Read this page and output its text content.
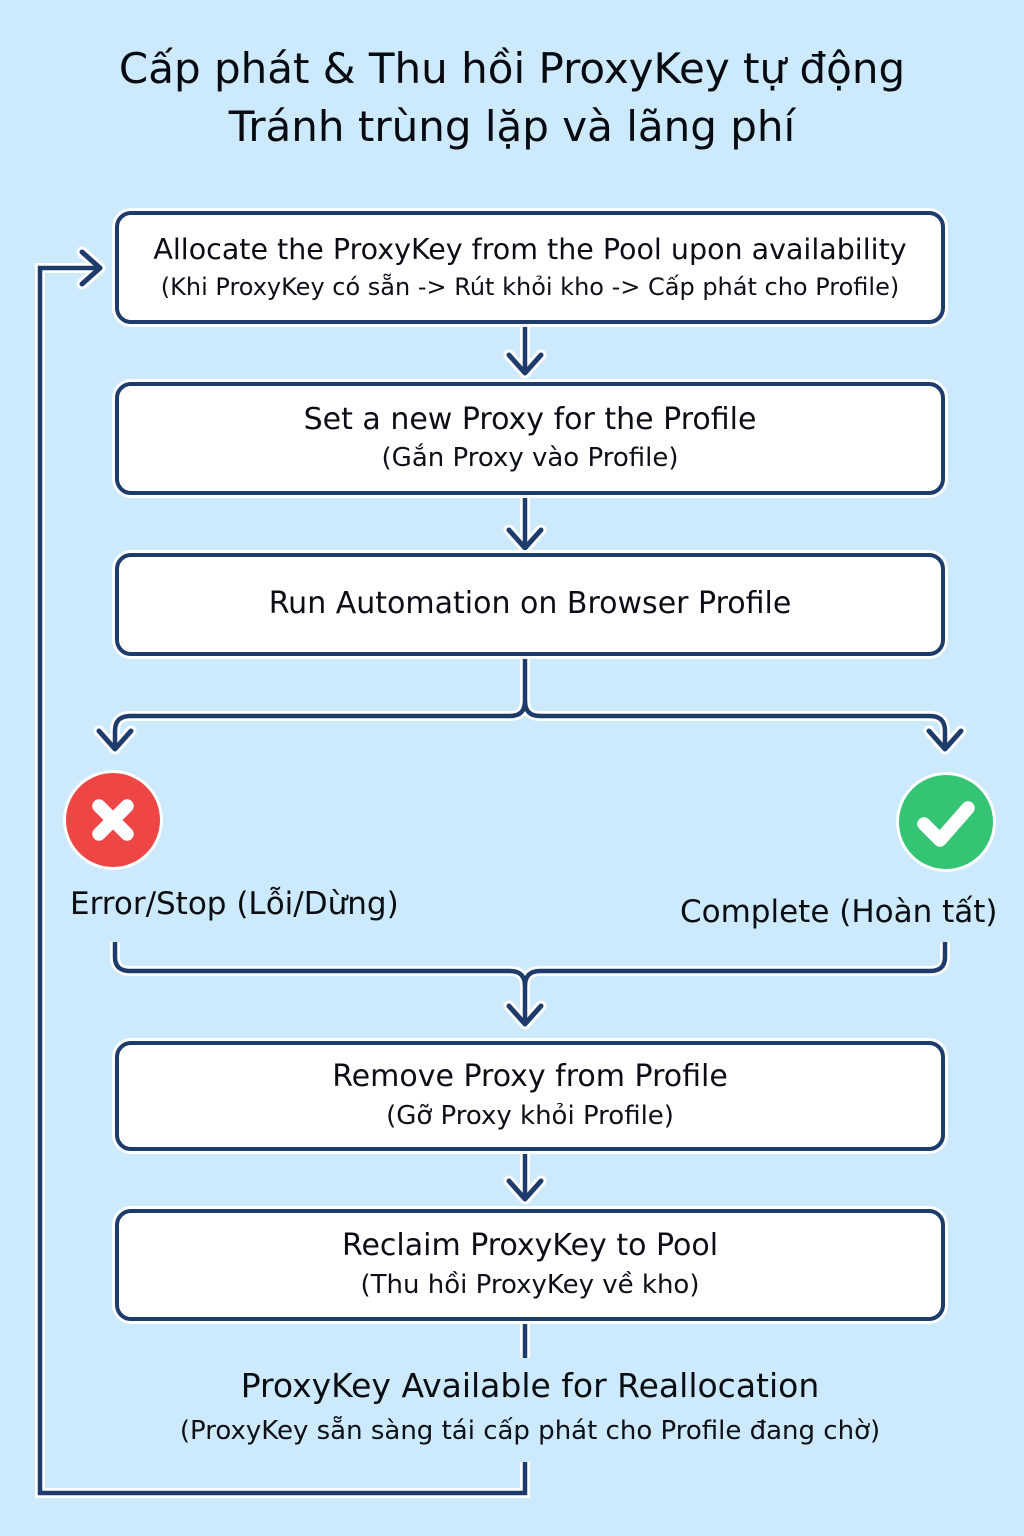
Cấp phát & Thu hồi ProxyKey tự động
Tránh trùng lặp và lãng phí
Allocate the ProxyKey from the Pool upon availability
(Khi ProxyKey có sẵn -> Rút khỏi kho -> Cấp phát cho Profile)
Set a new Proxy for the Profile
(Gắn Proxy vào Profile)
Run Automation on Browser Profile
Error/Stop (Lỗi/Dừng)	Complete (Hoàn tất)
Remove Proxy from Profile
(Gỡ Proxy khỏi Profile)
Reclaim ProxyKey to Pool
(Thu hồi ProxyKey về kho)
ProxyKey Available for Reallocation
(ProxyKey sẵn sàng tái cấp phát cho Profile đang chờ)
